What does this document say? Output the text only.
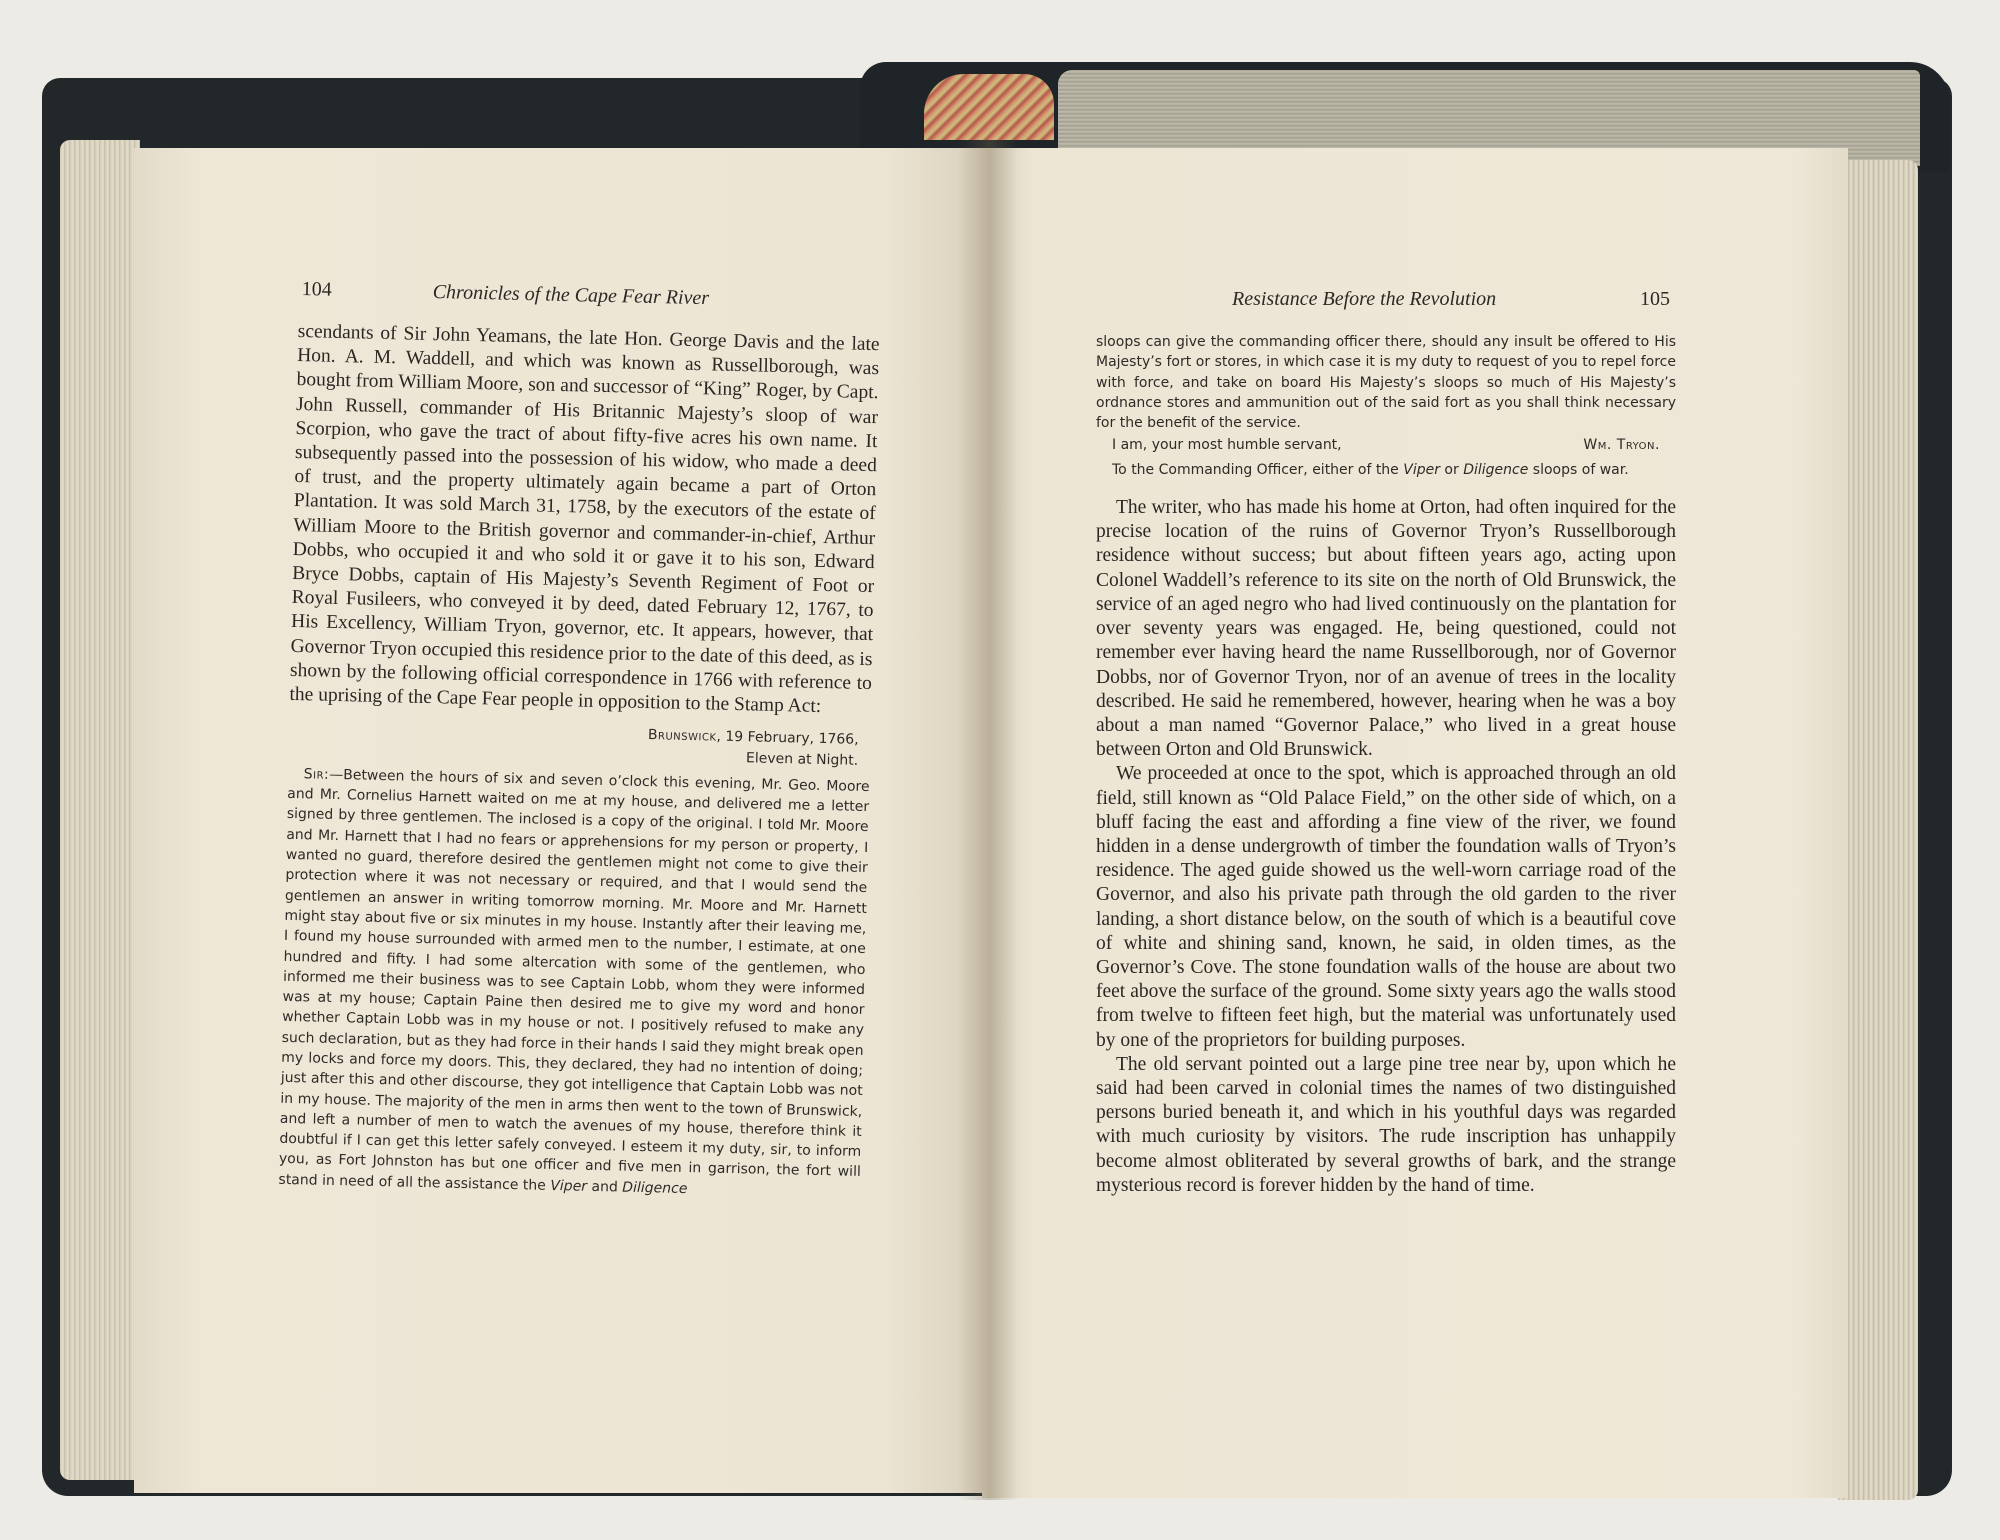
104	Chronicles of the Cape Fear River

scendants of Sir John Yeamans, the late Hon. George Davis and the late Hon. A. M. Waddell, and which was known as Russellborough, was bought from William Moore, son and successor of “King” Roger, by Capt. John Russell, commander of His Britannic Majesty’s sloop of war Scorpion, who gave the tract of about fifty-five acres his own name. It subsequently passed into the possession of his widow, who made a deed of trust, and the property ultimately again became a part of Orton Plantation. It was sold March 31, 1758, by the executors of the estate of William Moore to the British governor and commander-in-chief, Arthur Dobbs, who occupied it and who sold it or gave it to his son, Edward Bryce Dobbs, captain of His Majesty’s Seventh Regiment of Foot or Royal Fusileers, who conveyed it by deed, dated February 12, 1767, to His Excellency, William Tryon, governor, etc. It appears, however, that Governor Tryon occupied this residence prior to the date of this deed, as is shown by the following official correspondence in 1766 with reference to the uprising of the Cape Fear people in opposition to the Stamp Act:

Brunswick, 19 February, 1766,

Eleven at Night.

Sir:—Between the hours of six and seven o’clock this evening, Mr. Geo. Moore and Mr. Cornelius Harnett waited on me at my house, and delivered me a letter signed by three gentlemen. The inclosed is a copy of the original. I told Mr. Moore and Mr. Harnett that I had no fears or apprehensions for my person or property, I wanted no guard, therefore desired the gentlemen might not come to give their protection where it was not necessary or required, and that I would send the gentlemen an answer in writing tomorrow morning. Mr. Moore and Mr. Harnett might stay about five or six minutes in my house. Instantly after their leaving me, I found my house surrounded with armed men to the number, I estimate, at one hundred and fifty. I had some altercation with some of the gentlemen, who informed me their business was to see Captain Lobb, whom they were informed was at my house; Captain Paine then desired me to give my word and honor whether Captain Lobb was in my house or not. I positively refused to make any such declaration, but as they had force in their hands I said they might break open my locks and force my doors. This, they declared, they had no intention of doing; just after this and other discourse, they got intelligence that Captain Lobb was not in my house. The majority of the men in arms then went to the town of Brunswick, and left a number of men to watch the avenues of my house, therefore think it doubtful if I can get this letter safely conveyed. I esteem it my duty, sir, to inform you, as Fort Johnston has but one officer and five men in garrison, the fort will stand in need of all the assistance the Viper and Diligence

Resistance Before the Revolution	105

sloops can give the commanding officer there, should any insult be offered to His Majesty’s fort or stores, in which case it is my duty to request of you to repel force with force, and take on board His Majesty’s sloops so much of His Majesty’s ordnance stores and ammunition out of the said fort as you shall think necessary for the benefit of the service.

I am, your most humble servant,	Wm. Tryon.

To the Commanding Officer, either of the Viper or Diligence sloops of war.

The writer, who has made his home at Orton, had often inquired for the precise location of the ruins of Governor Tryon’s Russellborough residence without success; but about fifteen years ago, acting upon Colonel Waddell’s reference to its site on the north of Old Brunswick, the service of an aged negro who had lived continuously on the plantation for over seventy years was engaged. He, being questioned, could not remember ever having heard the name Russellborough, nor of Governor Dobbs, nor of Governor Tryon, nor of an avenue of trees in the locality described. He said he remembered, however, hearing when he was a boy about a man named “Governor Palace,” who lived in a great house between Orton and Old Brunswick.

We proceeded at once to the spot, which is approached through an old field, still known as “Old Palace Field,” on the other side of which, on a bluff facing the east and affording a fine view of the river, we found hidden in a dense undergrowth of timber the foundation walls of Tryon’s residence. The aged guide showed us the well-worn carriage road of the Governor, and also his private path through the old garden to the river landing, a short distance below, on the south of which is a beautiful cove of white and shining sand, known, he said, in olden times, as the Governor’s Cove. The stone foundation walls of the house are about two feet above the surface of the ground. Some sixty years ago the walls stood from twelve to fifteen feet high, but the material was unfortunately used by one of the proprietors for building purposes.

The old servant pointed out a large pine tree near by, upon which he said had been carved in colonial times the names of two distinguished persons buried beneath it, and which in his youthful days was regarded with much curiosity by visitors. The rude inscription has unhappily become almost obliterated by several growths of bark, and the strange mysterious record is forever hidden by the hand of time.
